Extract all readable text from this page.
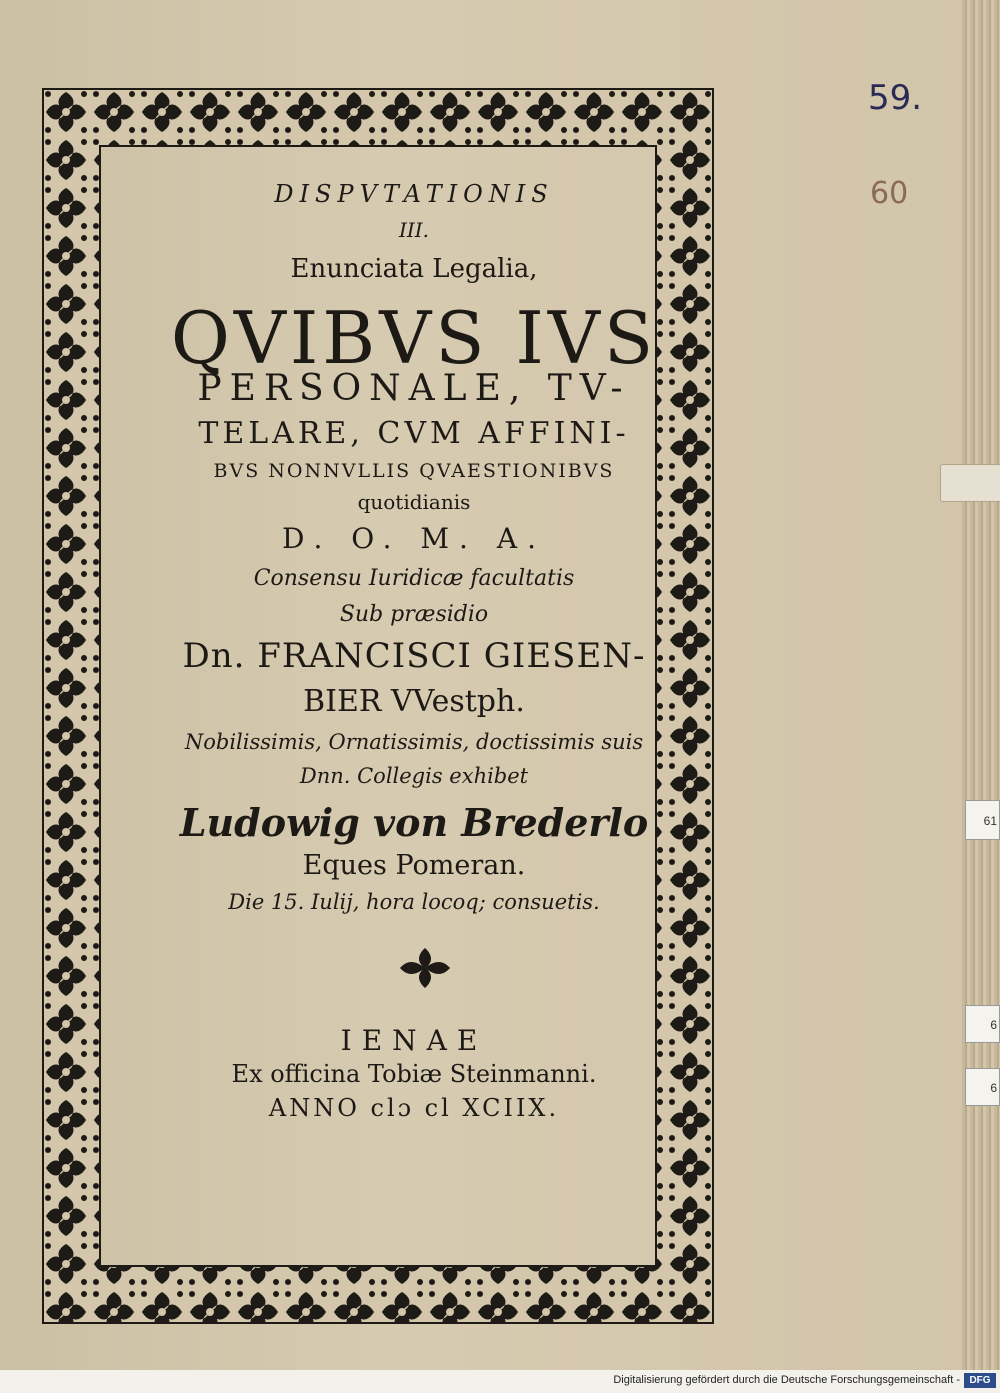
61
6
6
59.
60
DISPVTATIONIS
III.
Enunciata Legalia,
QVIBVS IVS
PERSONALE, TV-
TELARE, CVM AFFINI-
BVS NONNVLLIS QVAESTIONIBVS
quotidianis
D. O. M. A.
Consensu Iuridicæ facultatis
Sub præsidio
Dn. FRANCISCI GIESEN-
BIER VVestph.
Nobilissimis, Ornatissimis, doctissimis suis
Dnn. Collegis exhibet
Ludowig von Brederlo
Eques Pomeran.
Die 15. Iulij, hora locoq; consuetis.
IENAE
Ex officina Tobiæ Steinmanni.
ANNO clɔ cl XCIIX.
Digitalisierung gefördert durch die Deutsche Forschungsgemeinschaft - DFG
